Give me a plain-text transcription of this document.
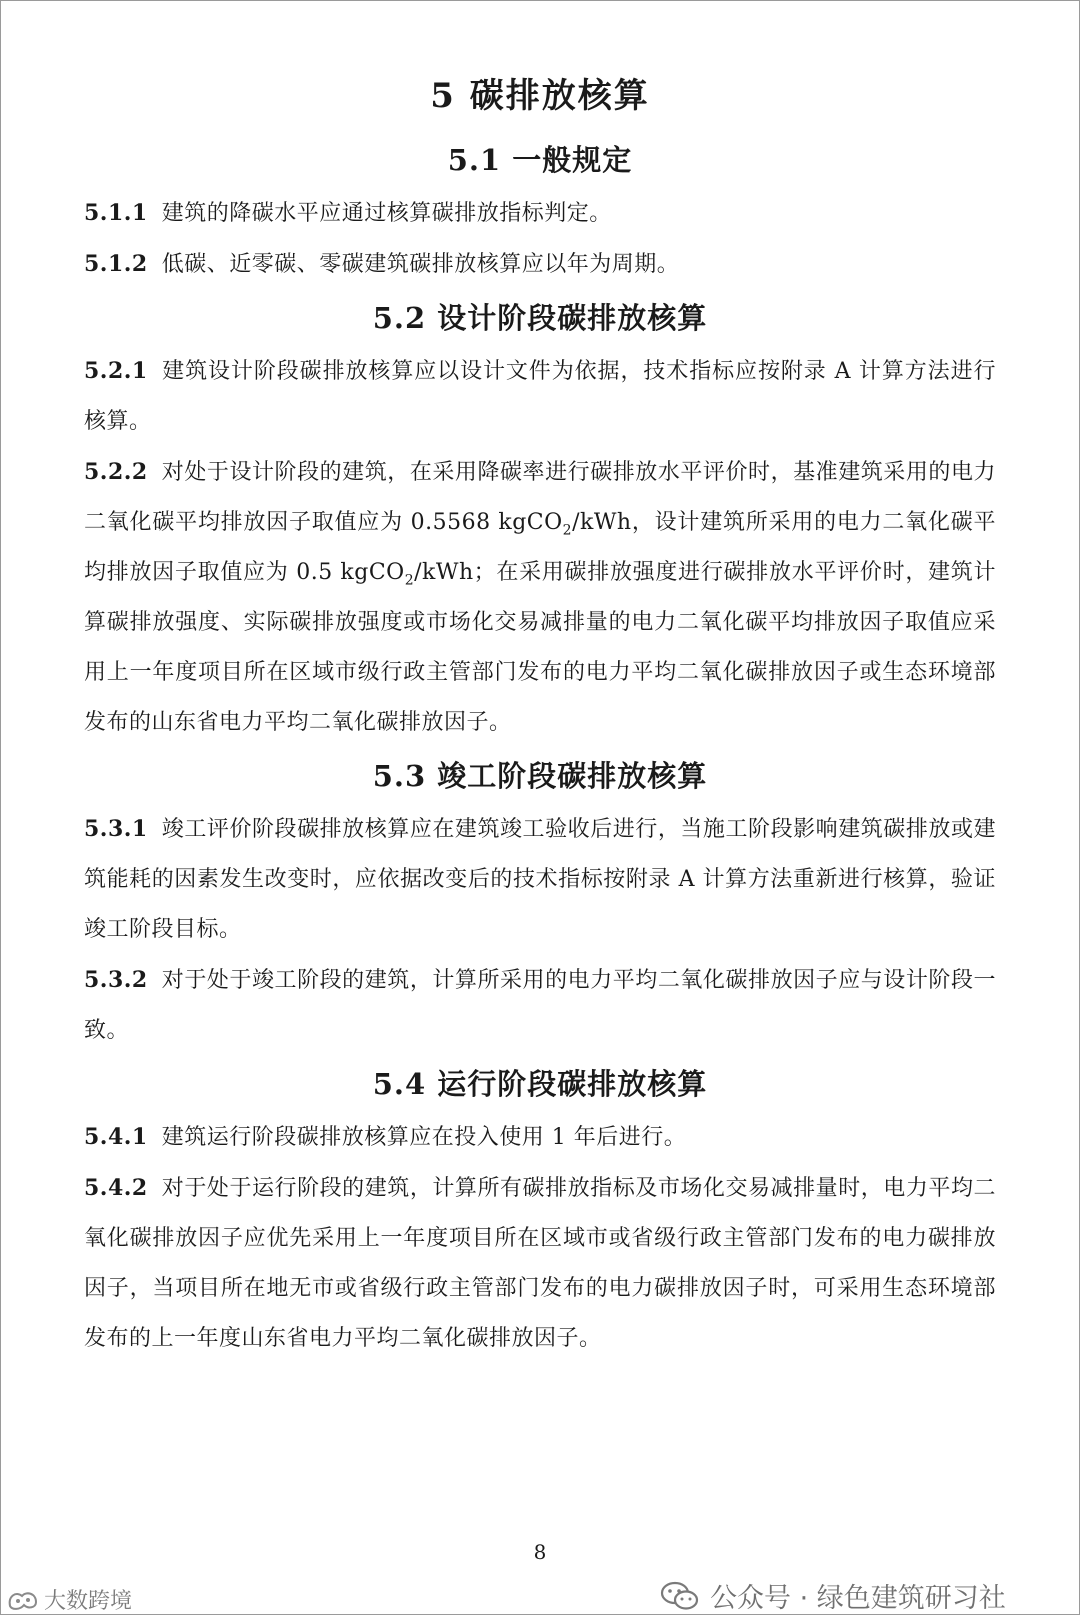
5 碳排放核算
5.1 一般规定

5.1.1 建筑的降碳水平应通过核算碳排放指标判定。

5.1.2 低碳、近零碳、零碳建筑碳排放核算应以年为周期。

5.2 设计阶段碳排放核算

5.2.1 建筑设计阶段碳排放核算应以设计文件为依据，技术指标应按附录 A 计算方法进行核算。

5.2.2 对处于设计阶段的建筑，在采用降碳率进行碳排放水平评价时，基准建筑采用的电力二氧化碳平均排放因子取值应为 0.5568 kgCO$_2$/kWh，设计建筑所采用的电力二氧化碳平均排放因子取值应为 0.5 kgCO$_2$/kWh；在采用碳排放强度进行碳排放水平评价时，建筑计算碳排放强度、实际碳排放强度或市场化交易减排量的电力二氧化碳平均排放因子取值应采用上一年度项目所在区域市级行政主管部门发布的电力平均二氧化碳排放因子或生态环境部发布的山东省电力平均二氧化碳排放因子。

5.3 竣工阶段碳排放核算

5.3.1 竣工评价阶段碳排放核算应在建筑竣工验收后进行，当施工阶段影响建筑碳排放或建筑能耗的因素发生改变时，应依据改变后的技术指标按附录 A 计算方法重新进行核算，验证竣工阶段目标。

5.3.2 对于处于竣工阶段的建筑，计算所采用的电力平均二氧化碳排放因子应与设计阶段一致。

5.4 运行阶段碳排放核算

5.4.1 建筑运行阶段碳排放核算应在投入使用 1 年后进行。

5.4.2 对于处于运行阶段的建筑，计算所有碳排放指标及市场化交易减排量时，电力平均二氧化碳排放因子应优先采用上一年度项目所在区域市或省级行政主管部门发布的电力碳排放因子，当项目所在地无市或省级行政主管部门发布的电力碳排放因子时，可采用生态环境部发布的上一年度山东省电力平均二氧化碳排放因子。

8
公众号 · 绿色建筑研习社
大数跨境
